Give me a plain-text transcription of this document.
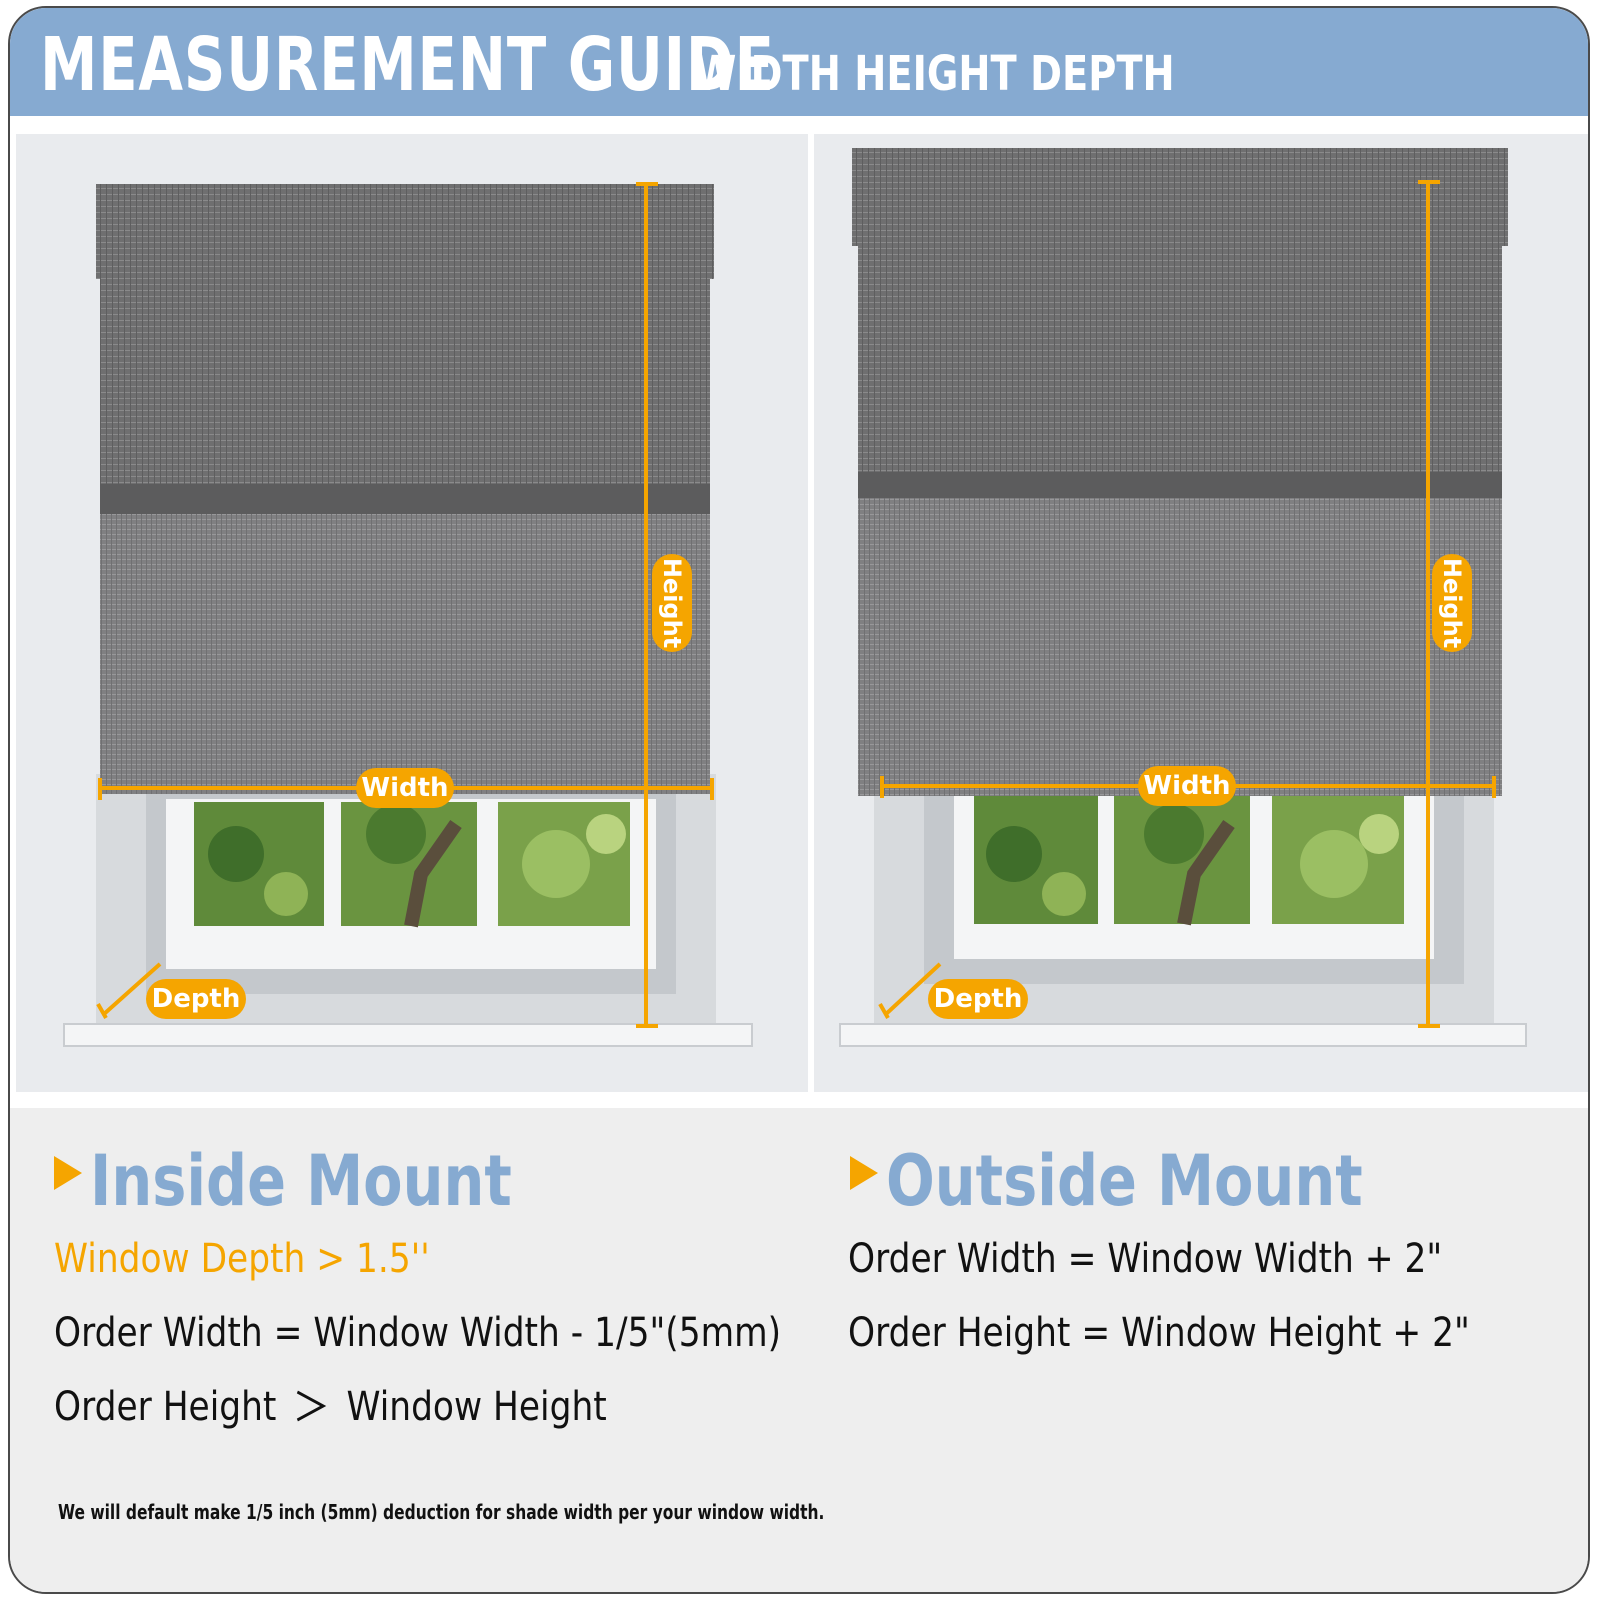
MEASUREMENT GUIDE
WIDTH HEIGHT DEPTH
Width
Height
Depth
Width
Height
Depth
Inside Mount
Window Depth > 1.5''
Order Width = Window Width - 1/5"(5mm)
Order Height Window Height
We will default make 1/5 inch (5mm) deduction for shade width per your window width.
Outside Mount
Order Width = Window Width + 2"
Order Height = Window Height + 2"
